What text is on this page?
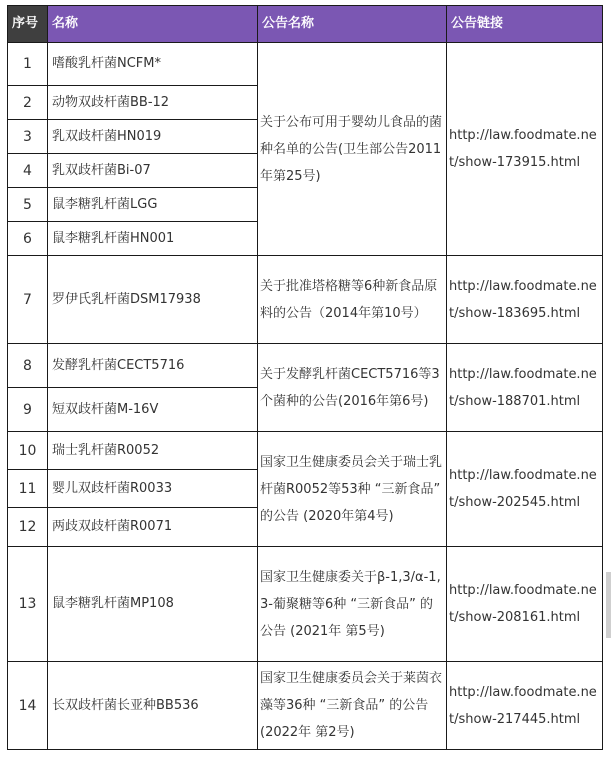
序号	名称	公告名称	公告链接
1	嗜酸乳杆菌NCFM*	关于公布可用于婴幼儿食品的菌种名单的公告(卫生部公告2011年第25号)	http://law.foodmate.net/show-173915.html
2	动物双歧杆菌BB-12		
3	乳双歧杆菌HN019		
4	乳双歧杆菌Bi-07		
5	鼠李糖乳杆菌LGG		
6	鼠李糖乳杆菌HN001		
7	罗伊氏乳杆菌DSM17938	关于批准塔格糖等6种新食品原料的公告（2014年第10号）	http://law.foodmate.net/show-183695.html
8	发酵乳杆菌CECT5716	关于发酵乳杆菌CECT5716等3个菌种的公告(2016年第6号)	http://law.foodmate.net/show-188701.html
9	短双歧杆菌M-16V		
10	瑞士乳杆菌R0052	国家卫生健康委员会关于瑞士乳杆菌R0052等53种 “三新食品” 的公告 (2020年第4号)	http://law.foodmate.net/show-202545.html
11	婴儿双歧杆菌R0033		
12	两歧双歧杆菌R0071		
13	鼠李糖乳杆菌MP108	国家卫生健康委关于β-1,3/α-1,3-葡聚糖等6种 “三新食品” 的公告 (2021年 第5号)	http://law.foodmate.net/show-208161.html
14	长双歧杆菌长亚种BB536	国家卫生健康委员会关于莱茵衣藻等36种 “三新食品” 的公告 (2022年 第2号)	http://law.foodmate.net/show-217445.html
